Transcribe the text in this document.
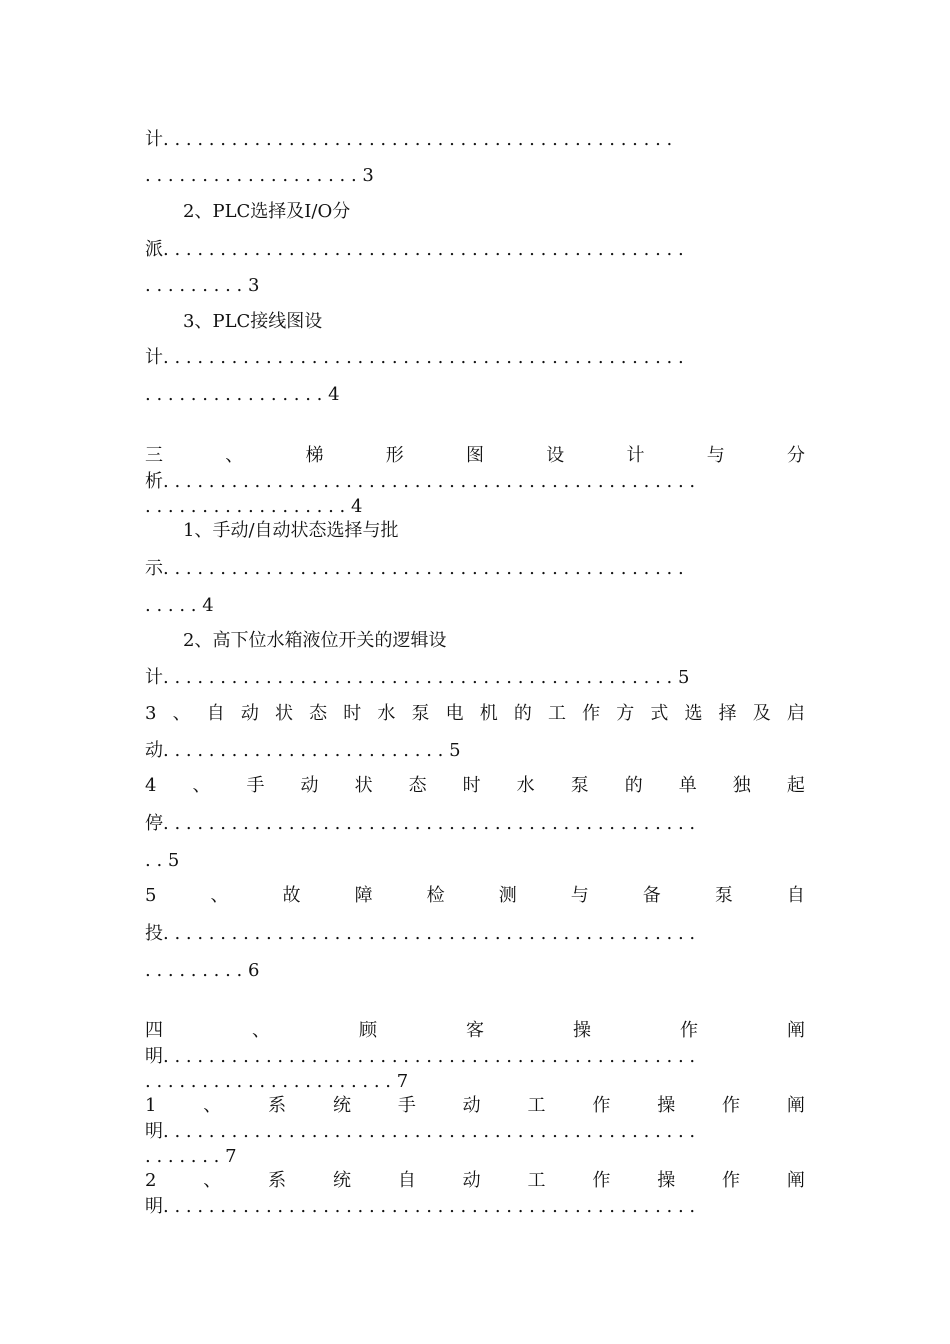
计. . . . . . . . . . . . . . . . . . . . . . . . . . . . . . . . . . . . . . . . . . . . .
. . . . . . . . . . . . . . . . . . . 3
2、PLC选择及I/O分
派. . . . . . . . . . . . . . . . . . . . . . . . . . . . . . . . . . . . . . . . . . . . . .
. . . . . . . . . 3
3、PLC接线图设
计. . . . . . . . . . . . . . . . . . . . . . . . . . . . . . . . . . . . . . . . . . . . . .
. . . . . . . . . . . . . . . . 4
三	、	梯	形	图	设	计	与	分
析. . . . . . . . . . . . . . . . . . . . . . . . . . . . . . . . . . . . . . . . . . . . . . .
. . . . . . . . . . . . . . . . . . 4
1、手动/自动状态选择与批
示. . . . . . . . . . . . . . . . . . . . . . . . . . . . . . . . . . . . . . . . . . . . . .
. . . . . 4
2、高下位水箱液位开关的逻辑设
计. . . . . . . . . . . . . . . . . . . . . . . . . . . . . . . . . . . . . . . . . . . . . 5
3 、 自 动 状 态 时 水 泵 电 机 的 工 作 方 式 选 择 及 启
动. . . . . . . . . . . . . . . . . . . . . . . . . 5
4 、 手 动 状 态 时 水 泵 的 单 独 起
停. . . . . . . . . . . . . . . . . . . . . . . . . . . . . . . . . . . . . . . . . . . . . . .
. . 5
5	、	故	障	检	测	与	备	泵	自
投. . . . . . . . . . . . . . . . . . . . . . . . . . . . . . . . . . . . . . . . . . . . . . .
. . . . . . . . . 6
四	、	顾	客	操	作	阐
明. . . . . . . . . . . . . . . . . . . . . . . . . . . . . . . . . . . . . . . . . . . . . . .
. . . . . . . . . . . . . . . . . . . . . . 7
1	、	系	统	手	动	工	作	操	作	阐
明. . . . . . . . . . . . . . . . . . . . . . . . . . . . . . . . . . . . . . . . . . . . . . .
. . . . . . . 7
2	、	系	统	自	动	工	作	操	作	阐
明. . . . . . . . . . . . . . . . . . . . . . . . . . . . . . . . . . . . . . . . . . . . . . .
